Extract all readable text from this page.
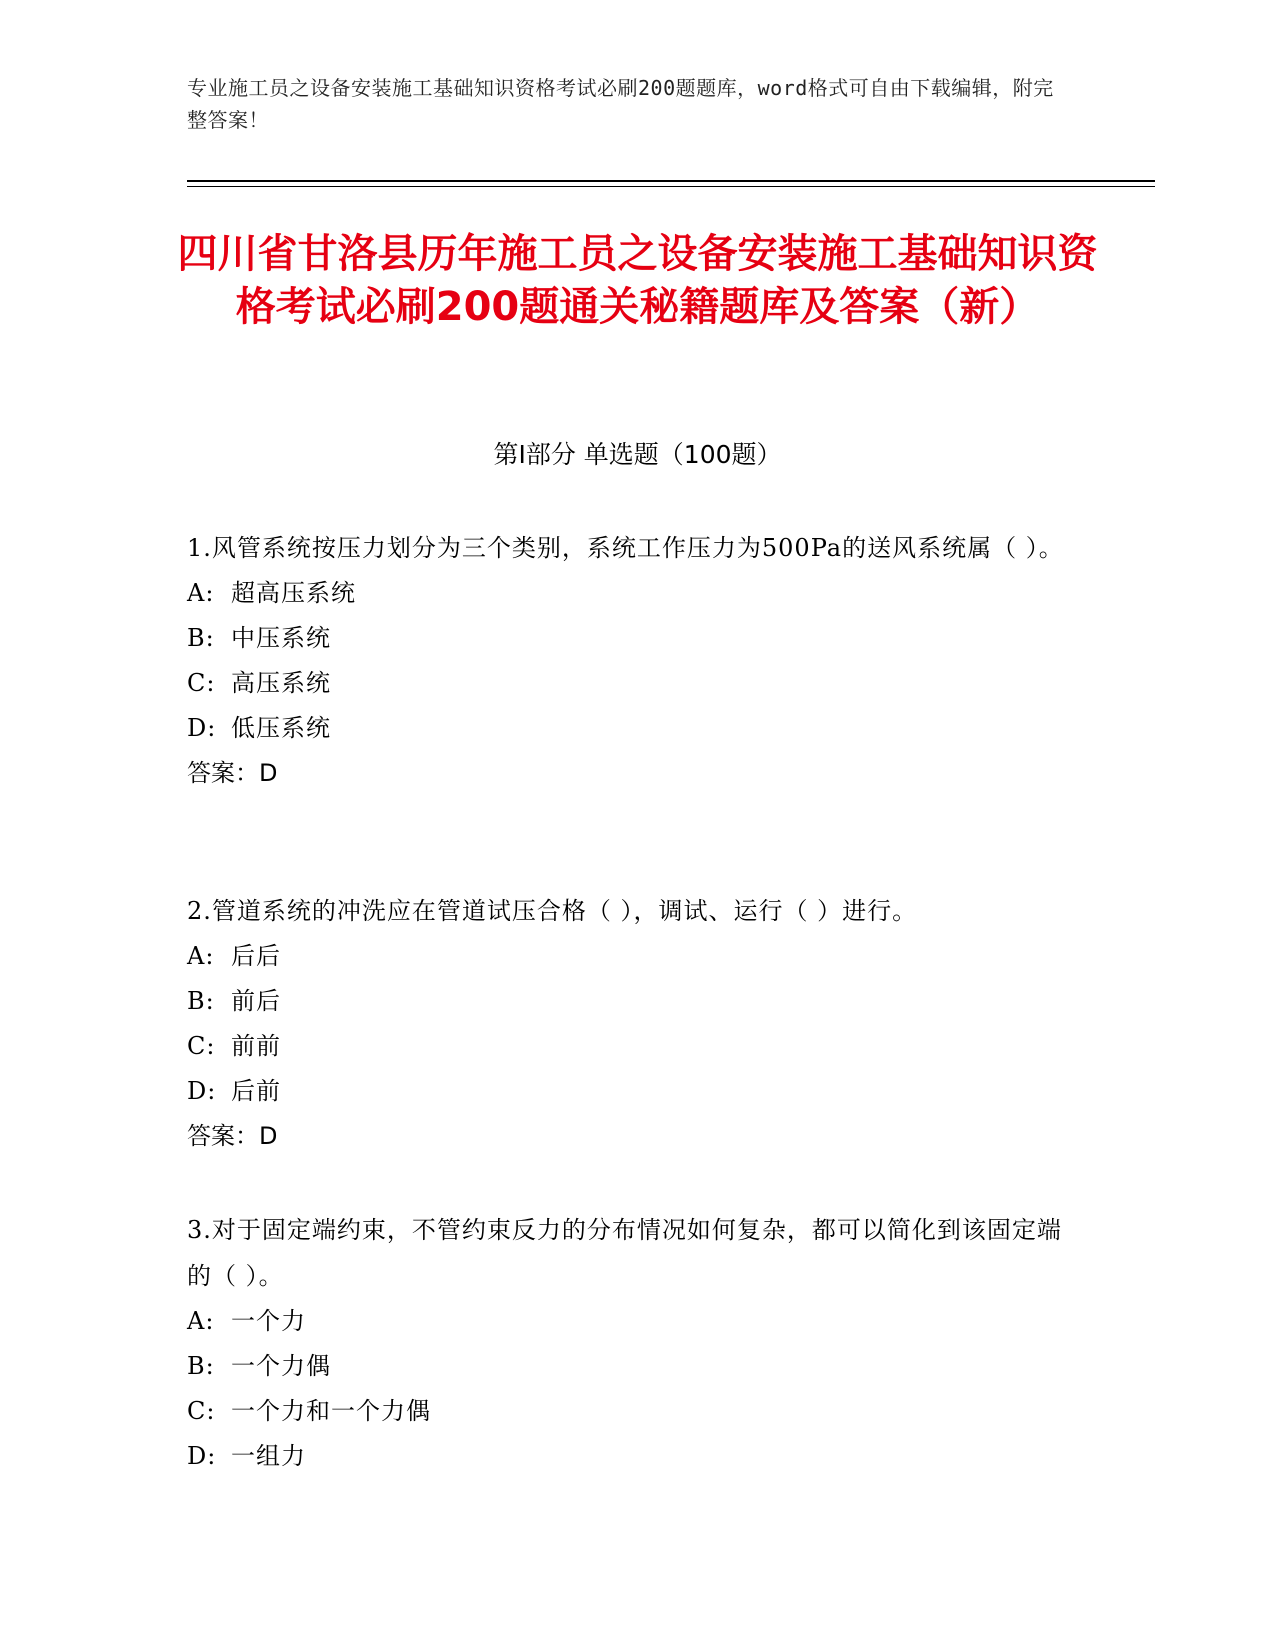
专业施工员之设备安装施工基础知识资格考试必刷200题题库，word格式可自由下载编辑，附完整答案！
四川省甘洛县历年施工员之设备安装施工基础知识资格考试必刷200题通关秘籍题库及答案（新）
第Ⅰ部分 单选题（100题）

1.风管系统按压力划分为三个类别，系统工作压力为500Pa的送风系统属（ ）。

A: 超高压系统

B: 中压系统

C: 高压系统

D: 低压系统

答案：D

2.管道系统的冲洗应在管道试压合格（ ），调试、运行（ ）进行。

A: 后后

B: 前后

C: 前前

D: 后前

答案：D

3.对于固定端约束，不管约束反力的分布情况如何复杂，都可以简化到该固定端的（ ）。

A: 一个力

B: 一个力偶

C: 一个力和一个力偶

D: 一组力
